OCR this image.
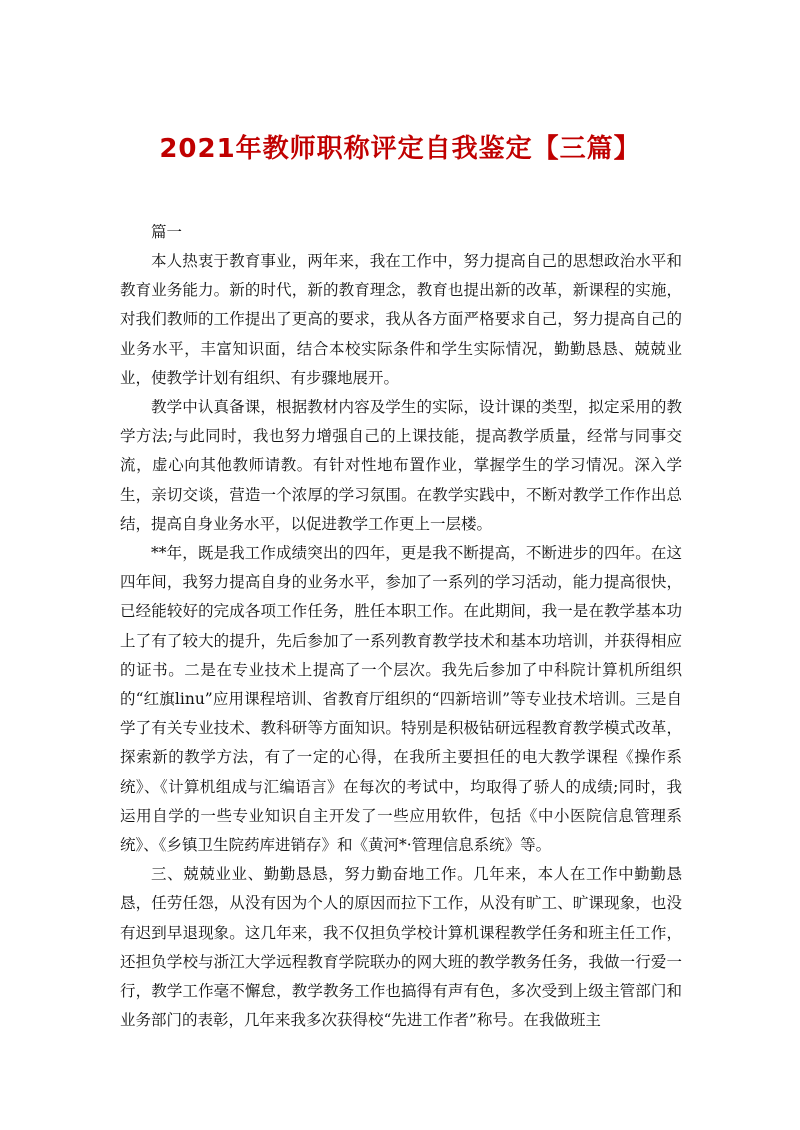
2021年教师职称评定自我鉴定【三篇】

篇一

本人热衷于教育事业，两年来，我在工作中，努力提高自己的思想政治水平和教育业务能力。新的时代，新的教育理念，教育也提出新的改革，新课程的实施，对我们教师的工作提出了更高的要求，我从各方面严格要求自己，努力提高自己的业务水平，丰富知识面，结合本校实际条件和学生实际情况，勤勤恳恳、兢兢业业，使教学计划有组织、有步骤地展开。

教学中认真备课，根据教材内容及学生的实际，设计课的类型，拟定采用的教学方法;与此同时，我也努力增强自己的上课技能，提高教学质量，经常与同事交流，虚心向其他教师请教。有针对性地布置作业，掌握学生的学习情况。深入学生，亲切交谈，营造一个浓厚的学习氛围。在教学实践中，不断对教学工作作出总结，提高自身业务水平，以促进教学工作更上一层楼。

**年，既是我工作成绩突出的四年，更是我不断提高，不断进步的四年。在这四年间，我努力提高自身的业务水平，参加了一系列的学习活动，能力提高很快，已经能较好的完成各项工作任务，胜任本职工作。在此期间，我一是在教学基本功上了有了较大的提升，先后参加了一系列教育教学技术和基本功培训，并获得相应的证书。二是在专业技术上提高了一个层次。我先后参加了中科院计算机所组织的“红旗linu”应用课程培训、省教育厅组织的“四新培训”等专业技术培训。三是自学了有关专业技术、教科研等方面知识。特别是积极钻研远程教育教学模式改革，探索新的教学方法，有了一定的心得，在我所主要担任的电大教学课程《操作系统》、《计算机组成与汇编语言》在每次的考试中，均取得了骄人的成绩;同时，我运用自学的一些专业知识自主开发了一些应用软件，包括《中小医院信息管理系统》、《乡镇卫生院药库进销存》和《黄河*·管理信息系统》等。

三、兢兢业业、勤勤恳恳，努力勤奋地工作。几年来，本人在工作中勤勤恳恳，任劳任怨，从没有因为个人的原因而拉下工作，从没有旷工、旷课现象，也没有迟到早退现象。这几年来，我不仅担负学校计算机课程教学任务和班主任工作，还担负学校与浙江大学远程教育学院联办的网大班的教学教务任务，我做一行爱一行，教学工作毫不懈怠，教学教务工作也搞得有声有色，多次受到上级主管部门和业务部门的表彰，几年来我多次获得校“先进工作者”称号。在我做班主
